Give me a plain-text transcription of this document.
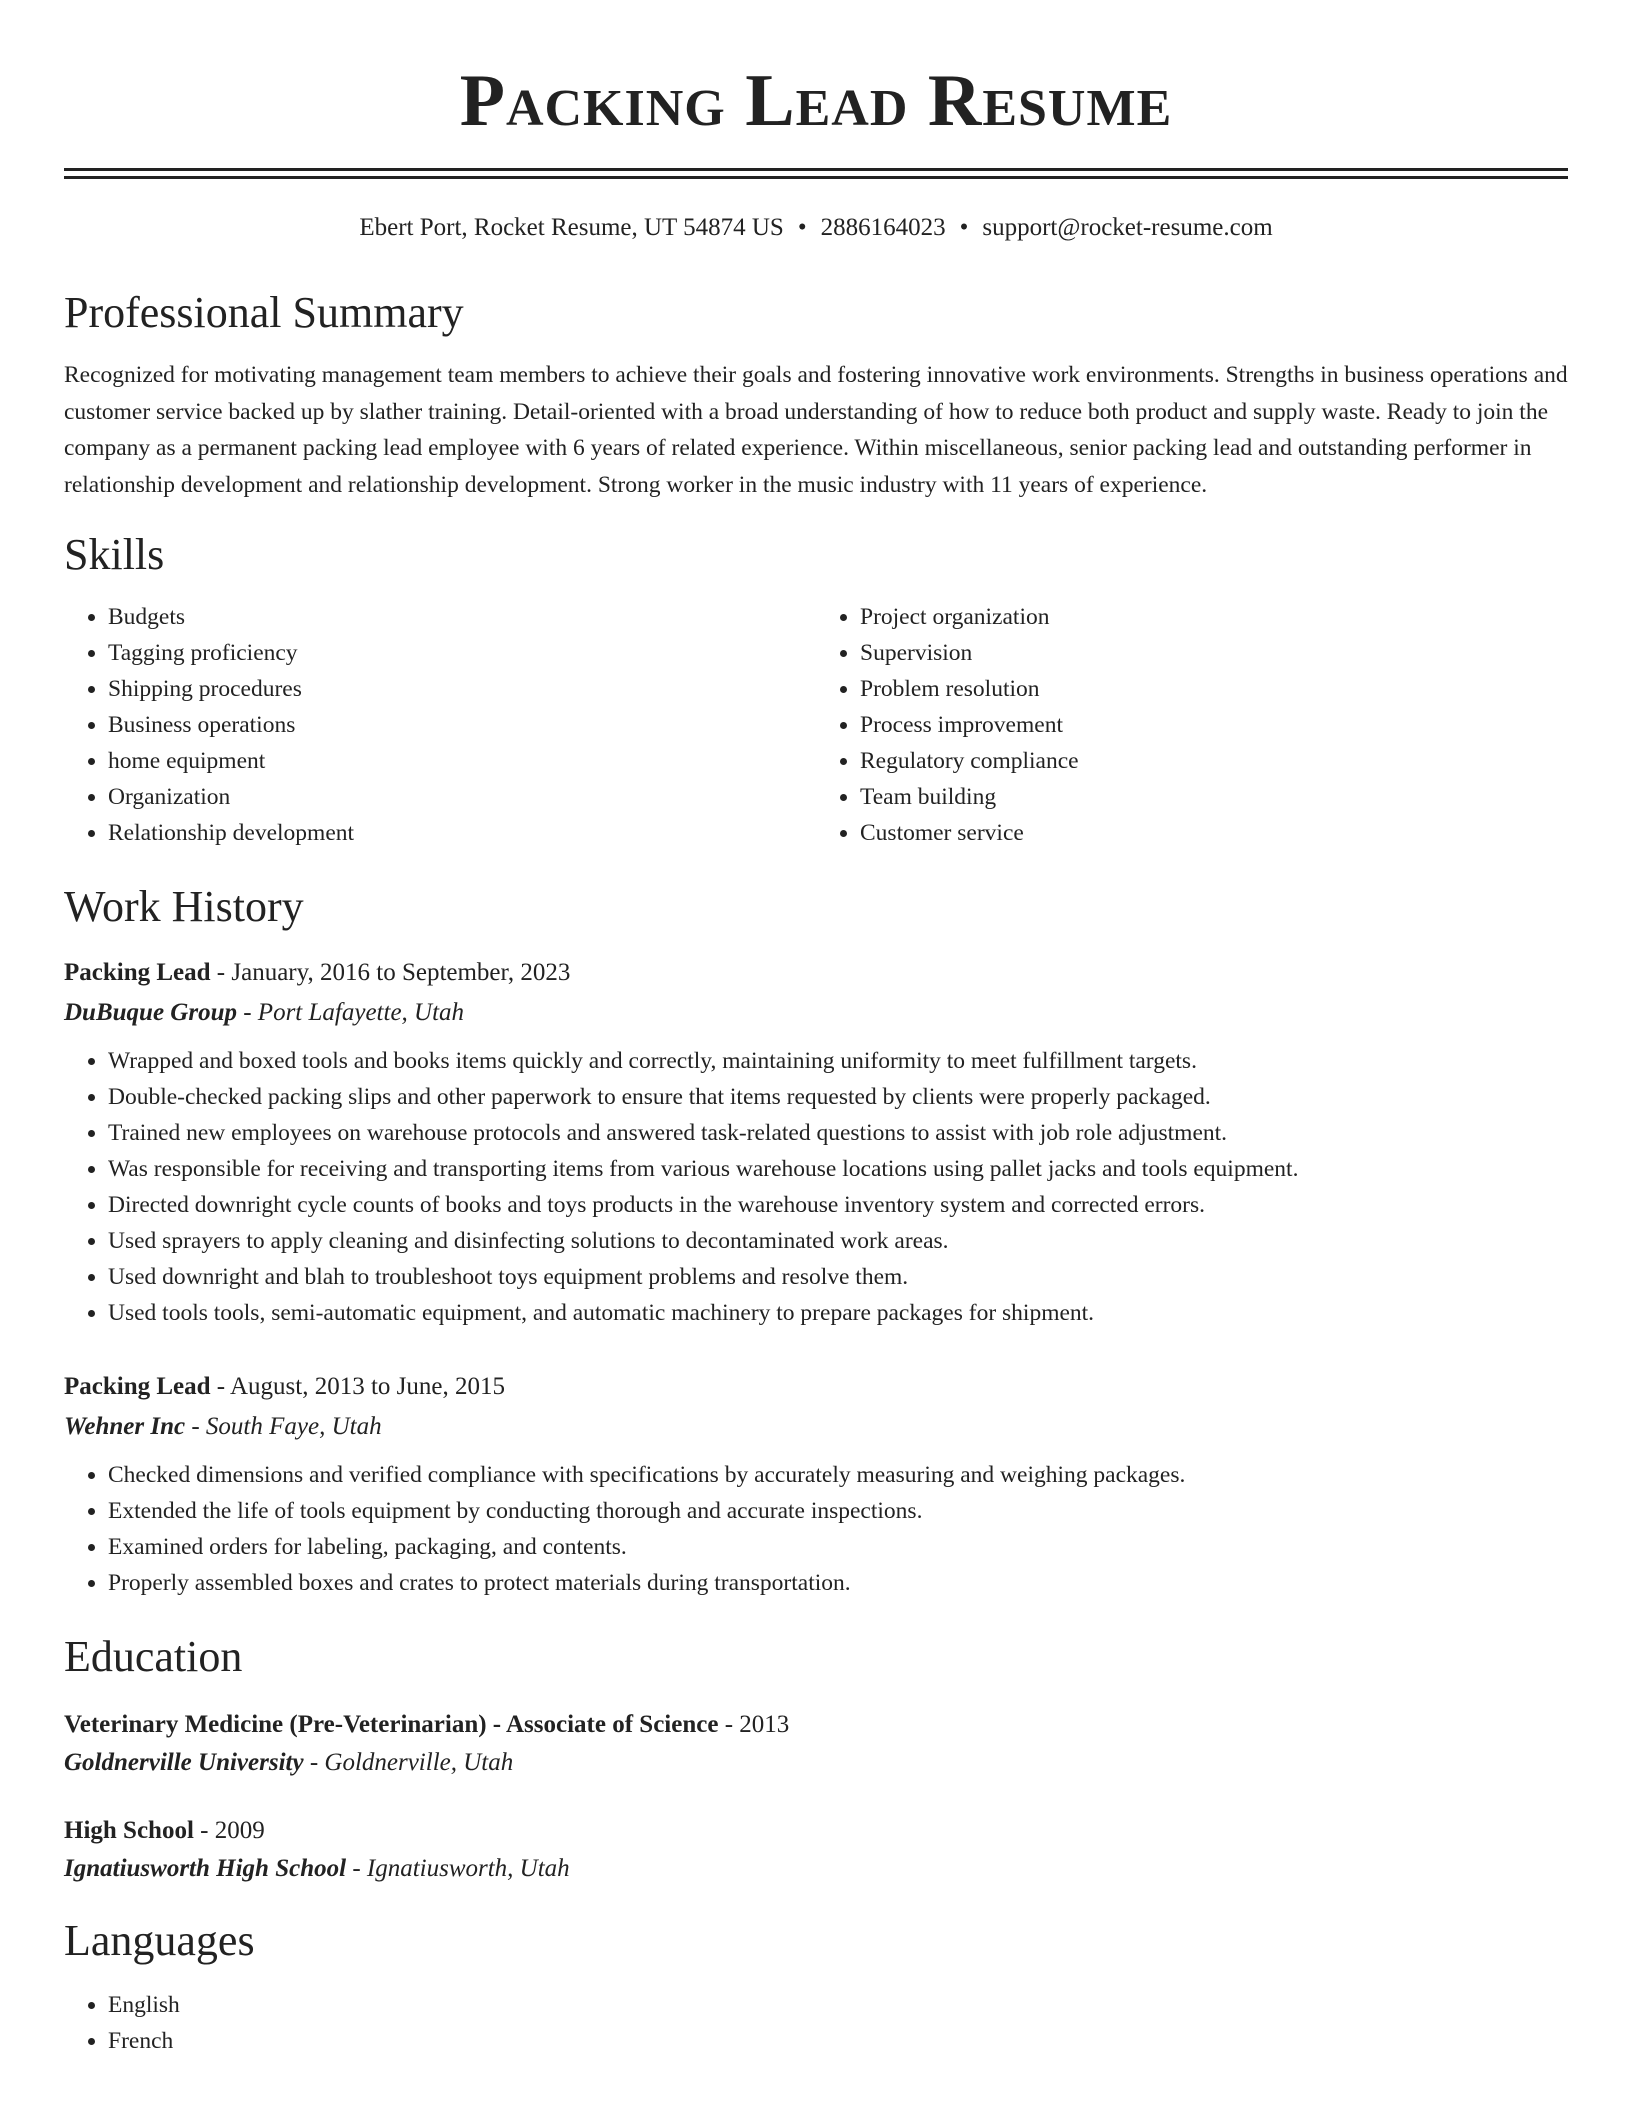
Packing Lead Resume
Ebert Port, Rocket Resume, UT 54874 US • 2886164023 • support@rocket-resume.com
Professional Summary

Recognized for motivating management team members to achieve their goals and fostering innovative work environments. Strengths in business operations and customer service backed up by slather training. Detail-oriented with a broad understanding of how to reduce both product and supply waste. Ready to join the company as a permanent packing lead employee with 6 years of related experience. Within miscellaneous, senior packing lead and outstanding performer in relationship development and relationship development. Strong worker in the music industry with 11 years of experience.

Skills
• Budgets
• Tagging proficiency
• Shipping procedures
• Business operations
• home equipment
• Organization
• Relationship development
• Project organization
• Supervision
• Problem resolution
• Process improvement
• Regulatory compliance
• Team building
• Customer service
Work History
Packing Lead - January, 2016 to September, 2023
DuBuque Group - Port Lafayette, Utah
• Wrapped and boxed tools and books items quickly and correctly, maintaining uniformity to meet fulfillment targets.
• Double-checked packing slips and other paperwork to ensure that items requested by clients were properly packaged.
• Trained new employees on warehouse protocols and answered task-related questions to assist with job role adjustment.
• Was responsible for receiving and transporting items from various warehouse locations using pallet jacks and tools equipment.
• Directed downright cycle counts of books and toys products in the warehouse inventory system and corrected errors.
• Used sprayers to apply cleaning and disinfecting solutions to decontaminated work areas.
• Used downright and blah to troubleshoot toys equipment problems and resolve them.
• Used tools tools, semi-automatic equipment, and automatic machinery to prepare packages for shipment.
Packing Lead - August, 2013 to June, 2015
Wehner Inc - South Faye, Utah
• Checked dimensions and verified compliance with specifications by accurately measuring and weighing packages.
• Extended the life of tools equipment by conducting thorough and accurate inspections.
• Examined orders for labeling, packaging, and contents.
• Properly assembled boxes and crates to protect materials during transportation.
Education
Veterinary Medicine (Pre-Veterinarian) - Associate of Science - 2013
Goldnerville University - Goldnerville, Utah
High School - 2009
Ignatiusworth High School - Ignatiusworth, Utah
Languages
• English
• French
